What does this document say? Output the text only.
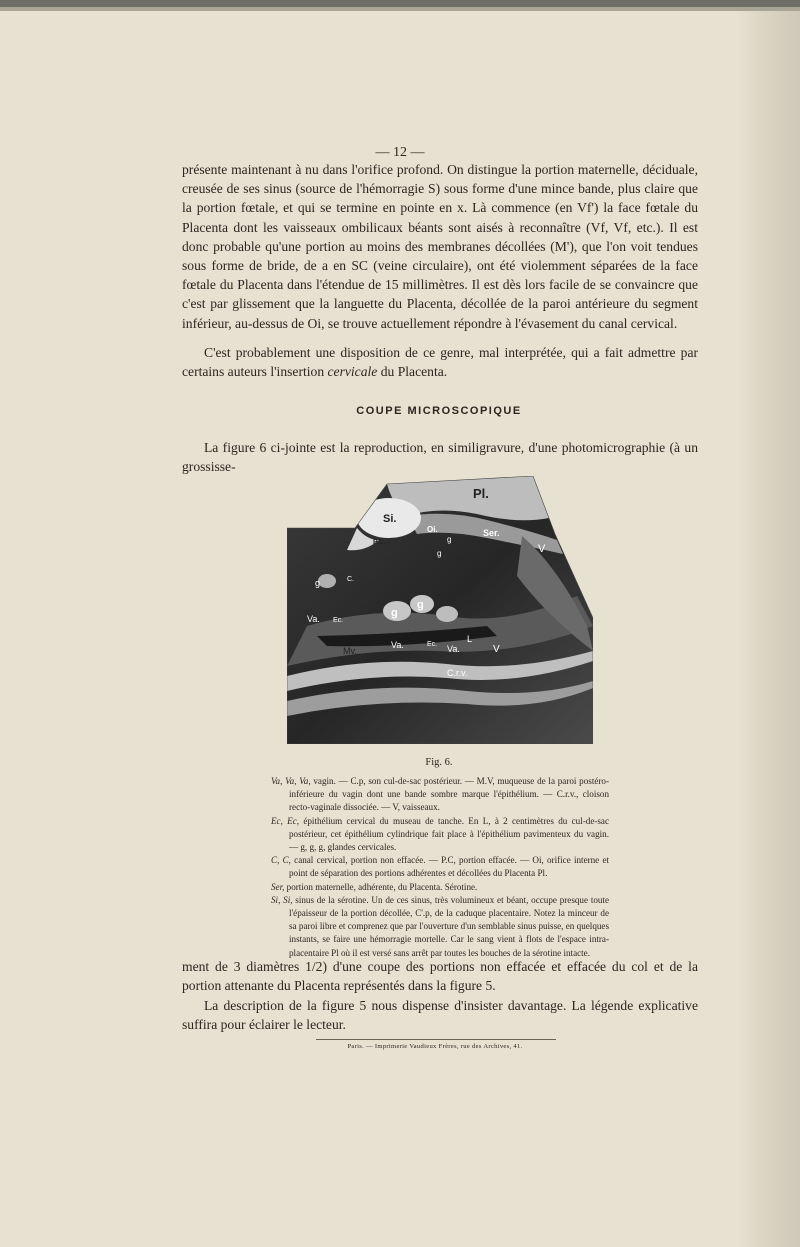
— 12 —

présente maintenant à nu dans l'orifice profond. On distingue la portion maternelle, déciduale, creusée de ses sinus (source de l'hémorragie S) sous forme d'une mince bande, plus claire que la portion fœtale, et qui se termine en pointe en x. Là commence (en Vf') la face fœtale du Placenta dont les vaisseaux ombilicaux béants sont aisés à reconnaître (Vf, Vf, etc.). Il est donc probable qu'une portion au moins des membranes décollées (M'), que l'on voit tendues sous forme de bride, de a en SC (veine circulaire), ont été violemment séparées de la face fœtale du Placenta dans l'étendue de 15 millimètres. Il est dès lors facile de se convaincre que c'est par glissement que la languette du Placenta, décollée de la paroi antérieure du segment inférieur, au-dessus de Oi, se trouve actuellement répondre à l'évasement du canal cervical.

C'est probablement une disposition de ce genre, mal interprétée, qui a fait admettre par certains auteurs l'insertion cervicale du Placenta.

COUPE MICROSCOPIQUE

La figure 6 ci-jointe est la reproduction, en similigravure, d'une photomicrographie (à un grossisse-

Pl.
Si.
Oi.	Ser.
P.C.	g
g	V
g	C.
g
g
Va. Ec.
Va.	Ec. Va.
L
V
Mv.
C.r.v.
Fig. 6.

Va, Va, Va, vagin. — C.p, son cul-de-sac postérieur. — M.V, muqueuse de la paroi postéro-inférieure du vagin dont une bande sombre marque l'épithélium. — C.r.v., cloison recto-vaginale dissociée. — V, vaisseaux.

Ec, Ec, épithélium cervical du museau de tanche. En L, à 2 centimètres du cul-de-sac postérieur, cet épithélium cylindrique fait place à l'épithélium pavimenteux du vagin. — g, g, g, glandes cervicales.

C, C, canal cervical, portion non effacée. — P.C, portion effacée. — Oi, orifice interne et point de séparation des portions adhérentes et décollées du Placenta Pl.

Ser, portion maternelle, adhérente, du Placenta. Sérotine.

Si, Si, sinus de la sérotine. Un de ces sinus, très volumineux et béant, occupe presque toute l'épaisseur de la portion décollée, C'.p, de la caduque placentaire. Notez la minceur de sa paroi libre et comprenez que par l'ouverture d'un semblable sinus puisse, en quelques instants, se faire une hémorragie mortelle. Car le sang vient à flots de l'espace intra-placentaire Pl où il est versé sans arrêt par toutes les bouches de la sérotine intacte.

ment de 3 diamètres 1/2) d'une coupe des portions non effacée et effacée du col et de la portion attenante du Placenta représentés dans la figure 5.

La description de la figure 5 nous dispense d'insister davantage. La légende explicative suffira pour éclairer le lecteur.

Paris. — Imprimerie Vaudieux Frères, rue des Archives, 41.
